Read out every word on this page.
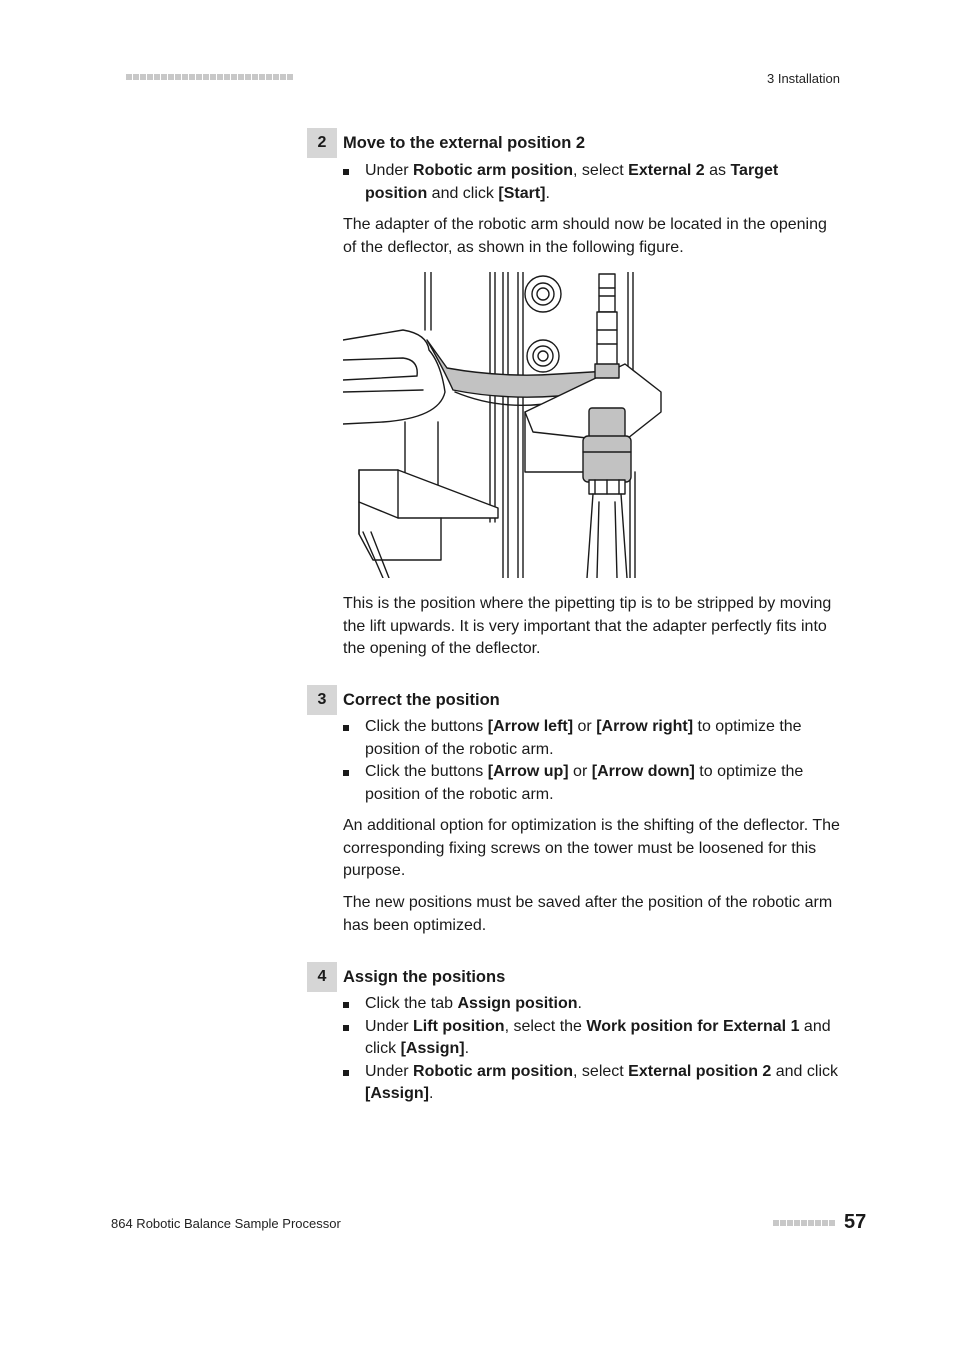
3 Installation
2	Move to the external position 2
Under Robotic arm position, select External 2 as Target position and click [Start].

The adapter of the robotic arm should now be located in the opening of the deflector, as shown in the following figure.

This is the position where the pipetting tip is to be stripped by moving the lift upwards. It is very important that the adapter perfectly fits into the opening of the deflector.

3	Correct the position
Click the buttons [Arrow left] or [Arrow right] to optimize the position of the robotic arm.
Click the buttons [Arrow up] or [Arrow down] to optimize the position of the robotic arm.

An additional option for optimization is the shifting of the deflector. The corresponding fixing screws on the tower must be loosened for this purpose.

The new positions must be saved after the position of the robotic arm has been optimized.

4	Assign the positions
Click the tab Assign position.
Under Lift position, select the Work position for External 1 and click [Assign].
Under Robotic arm position, select External position 2 and click [Assign].
864 Robotic Balance Sample Processor	57
